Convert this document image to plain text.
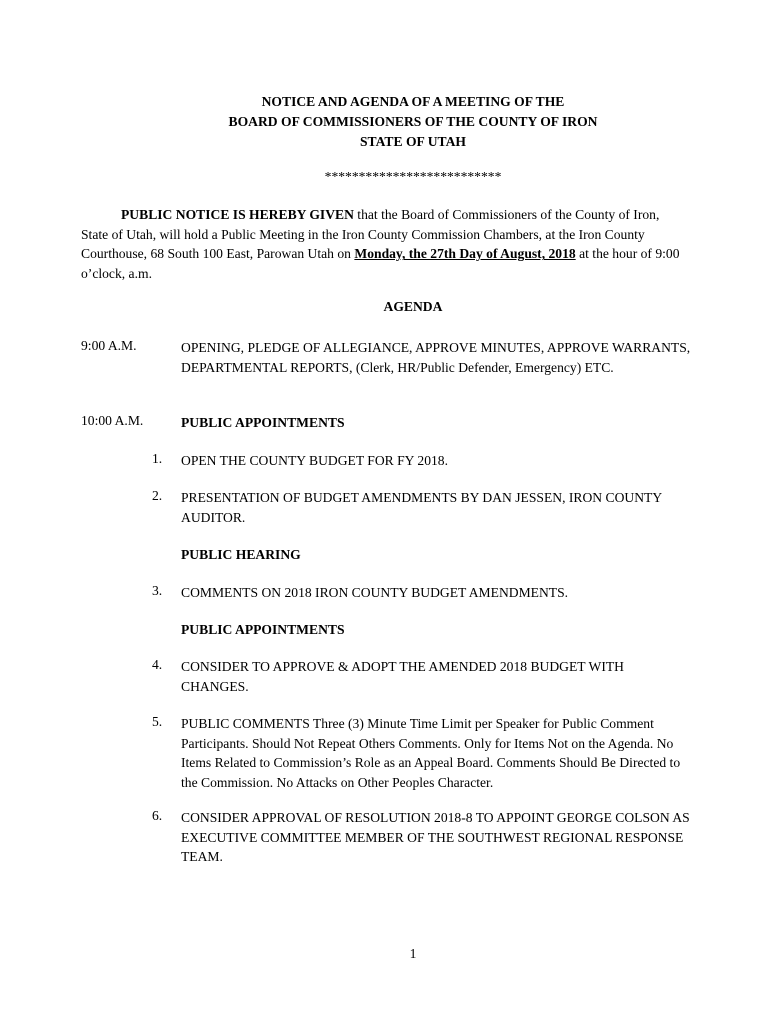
NOTICE AND AGENDA OF A MEETING OF THE
BOARD OF COMMISSIONERS OF THE COUNTY OF IRON
STATE OF UTAH
**************************
PUBLIC NOTICE IS HEREBY GIVEN that the Board of Commissioners of the County of Iron, State of Utah, will hold a Public Meeting in the Iron County Commission Chambers, at the Iron County Courthouse, 68 South 100 East, Parowan Utah on Monday, the 27th Day of August, 2018 at the hour of 9:00 o’clock, a.m.
AGENDA
9:00 A.M.	OPENING, PLEDGE OF ALLEGIANCE, APPROVE MINUTES, APPROVE WARRANTS, DEPARTMENTAL REPORTS, (Clerk, HR/Public Defender, Emergency) ETC.
10:00 A.M.	PUBLIC APPOINTMENTS
1. OPEN THE COUNTY BUDGET FOR FY 2018.
2. PRESENTATION OF BUDGET AMENDMENTS BY DAN JESSEN, IRON COUNTY AUDITOR.
PUBLIC HEARING
3. COMMENTS ON 2018 IRON COUNTY BUDGET AMENDMENTS.
PUBLIC APPOINTMENTS
4. CONSIDER TO APPROVE & ADOPT THE AMENDED 2018 BUDGET WITH CHANGES.
5. PUBLIC COMMENTS Three (3) Minute Time Limit per Speaker for Public Comment Participants. Should Not Repeat Others Comments. Only for Items Not on the Agenda. No Items Related to Commission’s Role as an Appeal Board. Comments Should Be Directed to the Commission. No Attacks on Other Peoples Character.
6. CONSIDER APPROVAL OF RESOLUTION 2018-8 TO APPOINT GEORGE COLSON AS EXECUTIVE COMMITTEE MEMBER OF THE SOUTHWEST REGIONAL RESPONSE TEAM.
1
